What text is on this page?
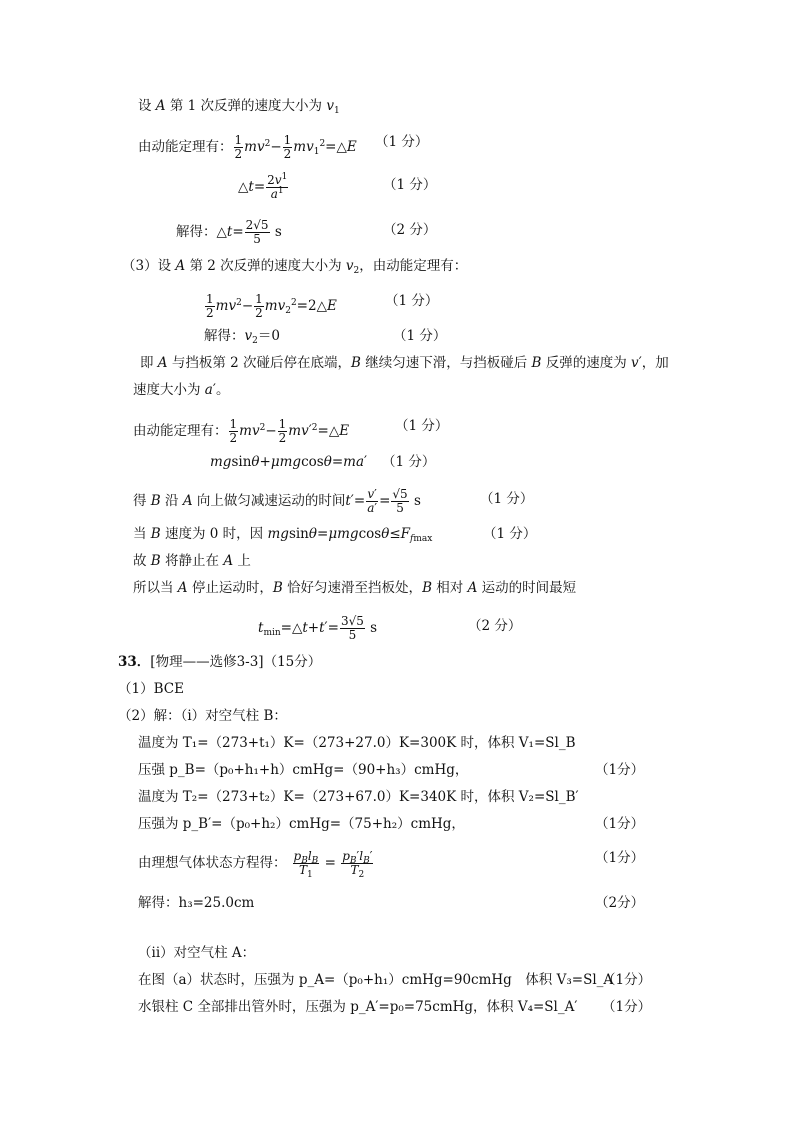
设 A 第 1 次反弹的速度大小为 $v_1$
由动能定理有： $\frac{1}{2} mv^2- \frac{1}{2}$ $mv_1^2=\triangle E$ （1 分）
△t= $\frac{2v^1}{a^1}$	（1 分）
解得：△t= $\frac{2√5}{5}$ s	（2 分）
（3）设 A 第 2 次反弹的速度大小为 $v_2$，由动能定理有：
$\frac{1}{2} mv^2- \frac{1}{2}$ $mv_2^2=2\triangle E$	（1 分）
解得：$v_2=0$	（1 分）
即 A 与挡板第 2 次碰后停在底端，B 继续匀速下滑，与挡板碰后 B 反弹的速度为 v′，加
速度大小为 a′。
由动能定理有： $\frac{1}{2} mv^2- \frac{1}{2}$ $mv'^2=\triangle E$	（1 分）
mgsinθ+μmgcosθ=ma′ （1 分）
得 B 沿 A 向上做匀减速运动的时间$t'= \frac{v'}{a'} = \frac{√5}{5}$ s	（1 分）
当 B 速度为 0 时，因 $mgsin\theta=\mu mgcos\theta\le F_{fmax}$	（1 分）
故 B 将静止在 A 上
所以当 A 停止运动时，B 恰好匀速滑至挡板处，B 相对 A 运动的时间最短
$t_{min}=\triangle t+t'= \frac{3√5}{5}$ s	（2 分）
33．[物理——选修3-3]（15分）
（1）BCE
（2）解：（i）对空气柱 B：
温度为 T₁=（273+t₁）K=（273+27.0）K=300K 时，体积 V₁=Sl_B
压强 p_B=（p₀+h₁+h）cmHg=（90+h₃）cmHg，	（1分）
温度为 T₂=（273+t₂）K=（273+67.0）K=340K 时，体积 V₂=Sl_B′
压强为 p_B′=（p₀+h₂）cmHg=（75+h₂）cmHg，	（1分）
由理想气体状态方程得： $\frac{p_Bl_B}{T_1} = \frac{p_B'l_B'}{T_2}$	（1分）
解得：h₃=25.0cm	（2分）
（ii）对空气柱 A：
在图（a）状态时，压强为 p_A=（p₀+h₁）cmHg=90cmHg　体积 V₃=Sl_A
（1分）
水银柱 C 全部排出管外时，压强为 p_A′=p₀=75cmHg，体积 V₄=Sl_A′ （1分）
